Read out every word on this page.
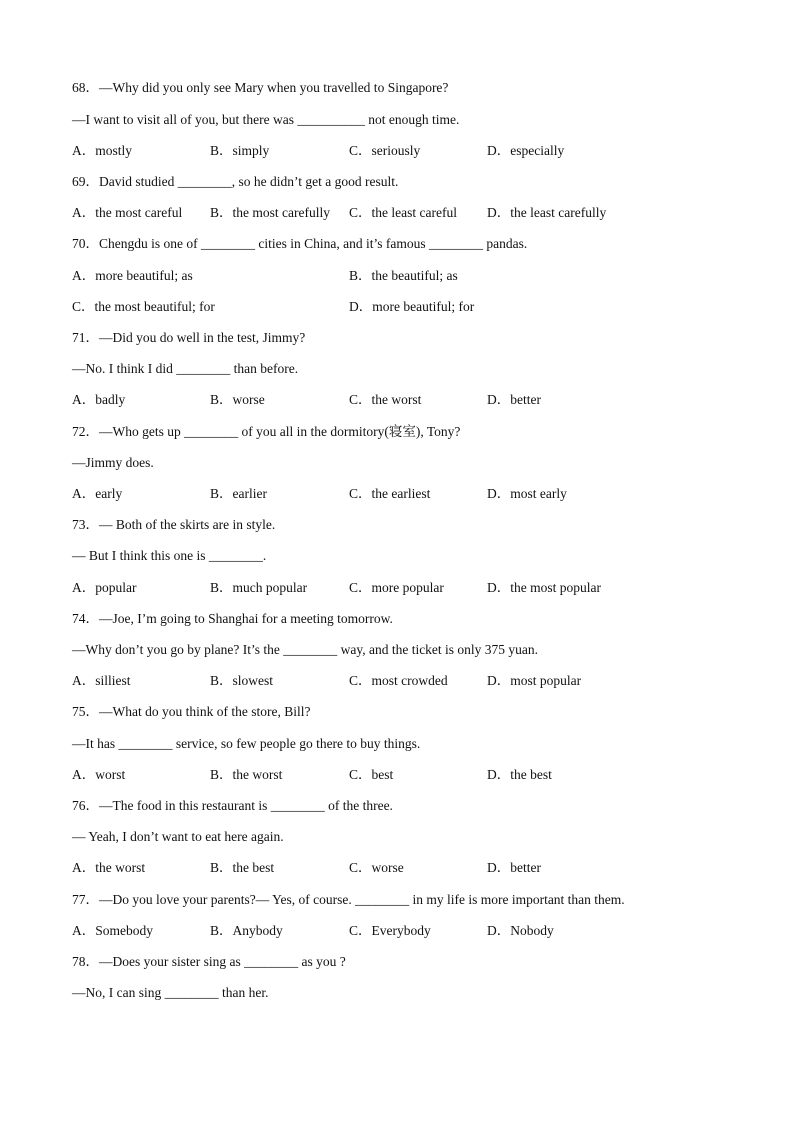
68．—Why did you only see Mary when you travelled to Singapore?
—I want to visit all of you, but there was __________ not enough time.
A．mostly	B．simply	C．seriously	D．especially
69．David studied ________, so he didn’t get a good result.
A．the most careful B．the most carefully C．the least careful D．the least carefully
70．Chengdu is one of ________ cities in China, and it’s famous ________ pandas.
A．more beautiful; as	B．the beautiful; as
C．the most beautiful; for	D．more beautiful; for
71．—Did you do well in the test, Jimmy?
—No. I think I did ________ than before.
A．badly	B．worse	C．the worst	D．better
72．—Who gets up ________ of you all in the dormitory(寝室), Tony?
—Jimmy does.
A．early	B．earlier	C．the earliest	D．most early
73．— Both of the skirts are in style.
— But I think this one is ________.
A．popular	B．much popular	C．more popular	D．the most popular
74．—Joe, I’m going to Shanghai for a meeting tomorrow.
—Why don’t you go by plane? It’s the ________ way, and the ticket is only 375 yuan.
A．silliest	B．slowest	C．most crowded	D．most popular
75．—What do you think of the store, Bill?
—It has ________ service, so few people go there to buy things.
A．worst	B．the worst	C．best	D．the best
76．—The food in this restaurant is ________ of the three.
— Yeah, I don’t want to eat here again.
A．the worst	B．the best	C．worse	D．better
77．—Do you love your parents?— Yes, of course. ________ in my life is more important than them.
A．Somebody	B．Anybody	C．Everybody	D．Nobody
78．—Does your sister sing as ________ as you ?
—No, I can sing ________ than her.
